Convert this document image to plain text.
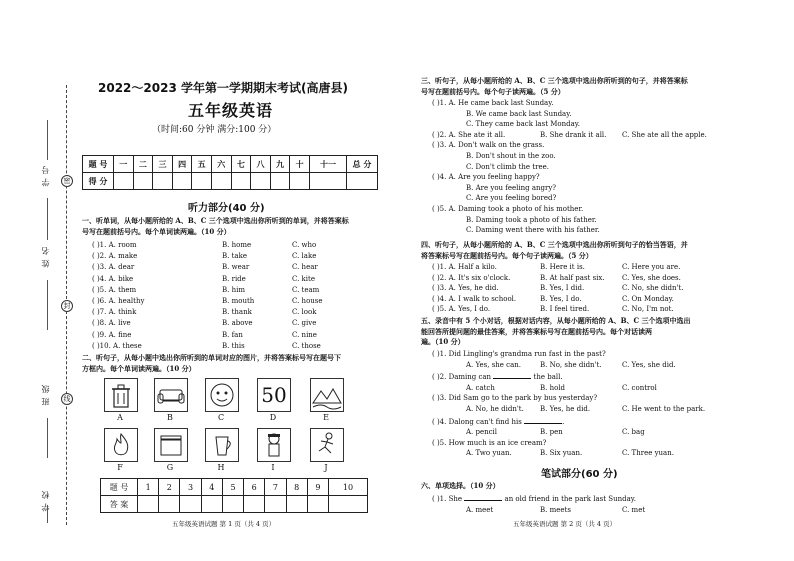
学 号
姓 名
班 级
学 校
密
封
线
2022～2023 学年第一学期期末考试(高唐县)
五年级英语
（时间:60 分钟 满分:100 分）
题 号	一	二	三	四	五	六	七	八	九	十	十一	总 分
得 分												
听力部分(40 分)
一、听单词，从每小题所给的 A、B、C 三个选项中选出你所听到的单词，并将答案标
号写在题前括号内。每个单词读两遍。（10 分）
( )1. A. room	B. home	C. who
( )2. A. make	B. take	C. lake
( )3. A. dear	B. wear	C. hear
( )4. A. bike	B. ride	C. kite
( )5. A. them	B. him	C. team
( )6. A. healthy	B. mouth	C. house
( )7. A. think	B. thank	C. look
( )8. A. live	B. above	C. give
( )9. A. fine	B. fan	C. nine
( )10. A. these	B. this	C. those
二、听句子，从每小题中选出你所听到的单词对应的图片，并将答案标号写在题号下
方框内。每个单词读两遍。（10 分）
50
A	B	C	D	E
F	G	H	I	J
题 号	1	2	3	4	5	6	7	8	9	10
答 案										
五年级英语试题 第 1 页（共 4 页）
三、听句子，从每小题所给的 A、B、C 三个选项中选出你所听到的句子，并将答案标
号写在题前括号内。每个句子读两遍。（5 分）
( )1. A. He came back last Sunday.
B. We came back last Sunday.
C. They came back last Monday.
( )2. A. She ate it all.	B. She drank it all. C. She ate all the apple.
( )3. A. Don't walk on the grass.
B. Don't shout in the zoo.
C. Don't climb the tree.
( )4. A. Are you feeling happy?
B. Are you feeling angry?
C. Are you feeling bored?
( )5. A. Daming took a photo of his mother.
B. Daming took a photo of his father.
C. Daming went there with his father.
四、听句子，从每小题所给的 A、B、C 三个选项中选出你所听到句子的恰当答语，并
将答案标号写在题前括号内。每个句子读两遍。（5 分）
( )1. A. Half a kilo.	B. Here it is.	C. Here you are.
( )2. A. It's six o'clock.	B. At half past six. C. Yes, she does.
( )3. A. Yes, he did.	B. Yes, I did.	C. No, she didn't.
( )4. A. I walk to school.	B. Yes, I do.	C. On Monday.
( )5. A. Yes, I do.	B. I feel tired.	C. No, I'm not.
五、录音中有 5 个小对话，根据对话内容，从每小题所给的 A、B、C 三个选项中选出
能回答所提问题的最佳答案，并将答案标号写在题前括号内。每个对话读两
遍。（10 分）
( )1. Did Lingling's grandma run fast in the past?
A. Yes, she can.	B. No, she didn't.	C. Yes, she did.
( )2. Daming can	the ball.
A. catch	B. hold	C. control
( )3. Did Sam go to the park by bus yesterday?
A. No, he didn't. B. Yes, he did.	C. He went to the park.
( )4. Dalong can't find his	.
A. pencil	B. pen	C. bag
( )5. How much is an ice cream?
A. Two yuan.	B. Six yuan.	C. Three yuan.
笔试部分(60 分)
六、单项选择。（10 分）
( )1. She	an old friend in the park last Sunday.
A. meet	B. meets	C. met
五年级英语试题 第 2 页（共 4 页）
